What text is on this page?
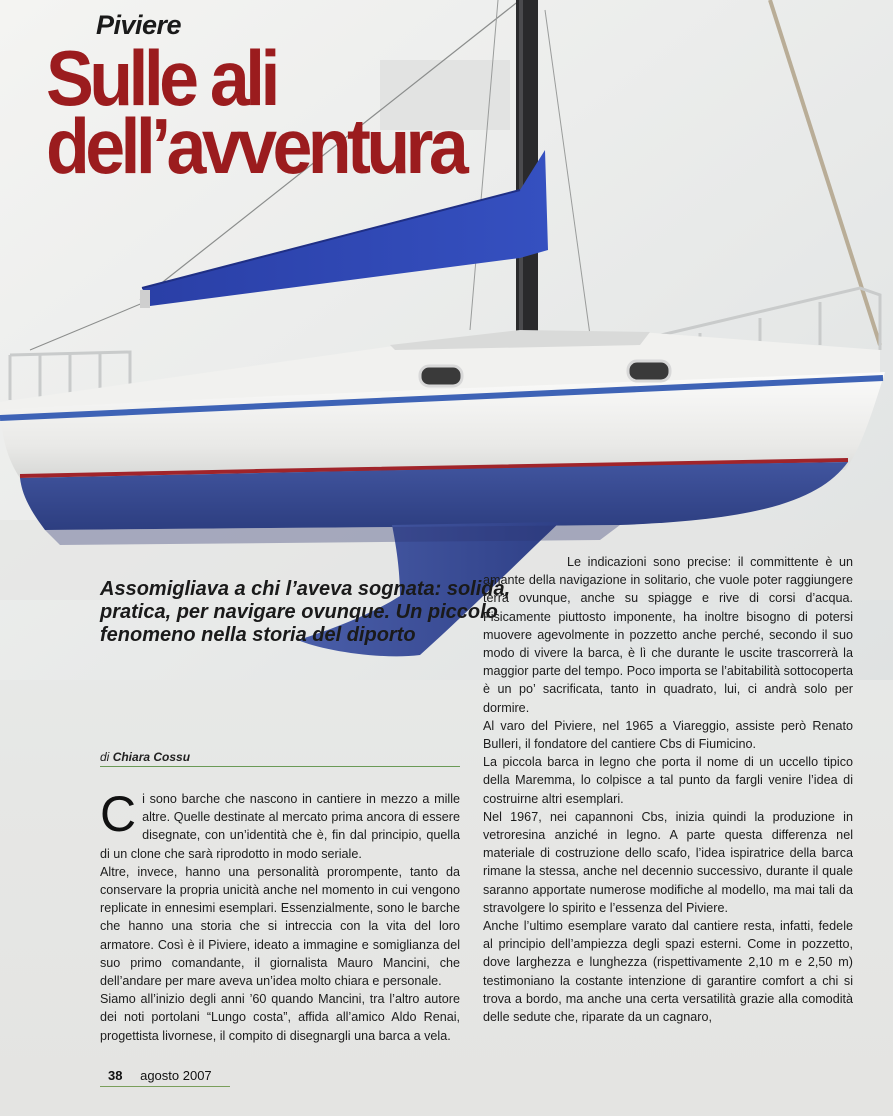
Piviere
Sulle ali
dell’avventura

Assomigliava a chi l’aveva sognata: solida, pratica, per navigare ovunque. Un piccolo fenomeno nella storia del diporto

di Chiara Cossu

Ci sono barche che nascono in cantiere in mezzo a mille altre. Quelle destinate al mercato prima ancora di essere disegnate, con un’identità che è, fin dal principio, quella di un clone che sarà riprodotto in modo seriale.

Altre, invece, hanno una personalità prorompente, tanto da conservare la propria unicità anche nel momento in cui vengono replicate in ennesimi esemplari. Essenzialmente, sono le barche che hanno una storia che si intreccia con la vita del loro armatore. Così è il Piviere, ideato a immagine e somiglianza del suo primo comandante, il giornalista Mauro Mancini, che dell’andare per mare aveva un’idea molto chiara e personale.

Siamo all’inizio degli anni ’60 quando Mancini, tra l’altro autore dei noti portolani “Lungo costa”, affida all’amico Aldo Renai, progettista livornese, il compito di disegnargli una barca a vela.

Le indicazioni sono precise: il committente è un amante della navigazione in solitario, che vuole poter raggiungere terra ovunque, anche su spiagge e rive di corsi d’acqua. Fisicamente piuttosto imponente, ha inoltre bisogno di potersi muovere agevolmente in pozzetto anche perché, secondo il suo modo di vivere la barca, è lì che durante le uscite trascorrerà la maggior parte del tempo. Poco importa se l’abitabilità sottocoperta è un po’ sacrificata, tanto in quadrato, lui, ci andrà solo per dormire.

Al varo del Piviere, nel 1965 a Viareggio, assiste però Renato Bulleri, il fondatore del cantiere Cbs di Fiumicino.

La piccola barca in legno che porta il nome di un uccello tipico della Maremma, lo colpisce a tal punto da fargli venire l’idea di costruirne altri esemplari.

Nel 1967, nei capannoni Cbs, inizia quindi la produzione in vetroresina anziché in legno. A parte questa differenza nel materiale di costruzione dello scafo, l’idea ispiratrice della barca rimane la stessa, anche nel decennio successivo, durante il quale saranno apportate numerose modifiche al modello, ma mai tali da stravolgere lo spirito e l’essenza del Piviere.

Anche l’ultimo esemplare varato dal cantiere resta, infatti, fedele al principio dell’ampiezza degli spazi esterni. Come in pozzetto, dove larghezza e lunghezza (rispettivamente 2,10 m e 2,50 m) testimoniano la costante intenzione di garantire comfort a chi si trova a bordo, ma anche una certa versatilità grazie alla comodità delle sedute che, riparate da un cagnaro,

38 agosto 2007
